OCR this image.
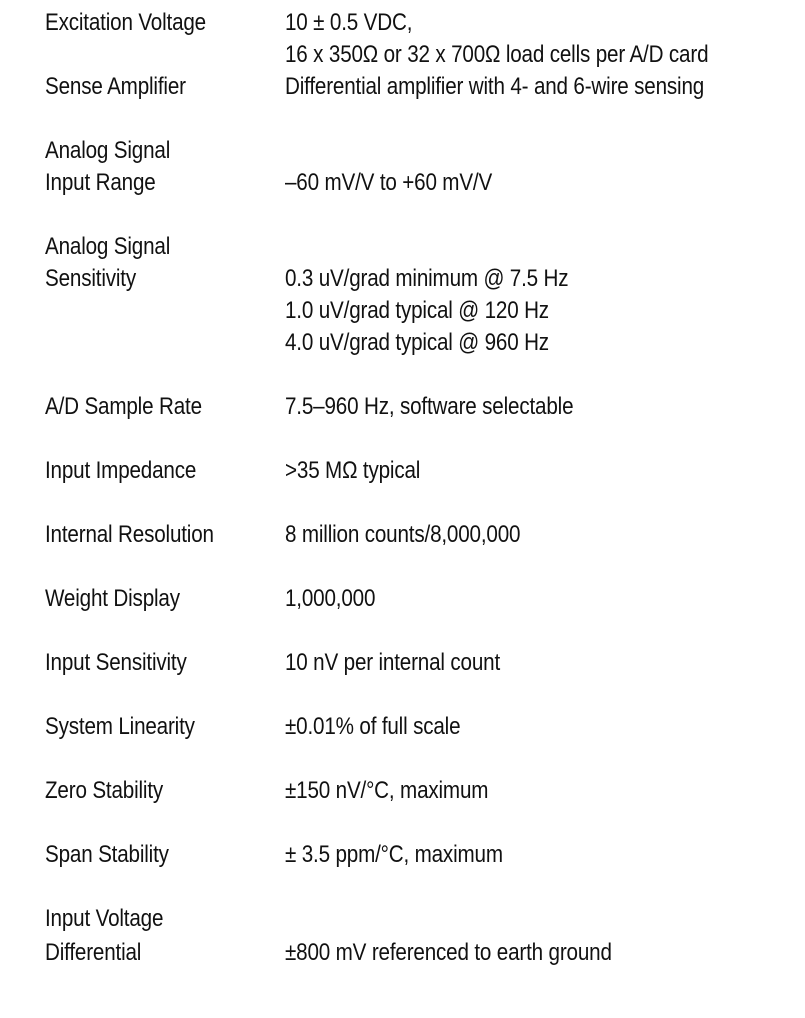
Excitation Voltage	10 ± 0.5 VDC,
16 x 350Ω or 32 x 700Ω load cells per A/D card
Sense Amplifier	Differential amplifier with 4- and 6-wire sensing
Analog Signal
Input Range	–60 mV/V to +60 mV/V
Analog Signal
Sensitivity	0.3 uV/grad minimum @ 7.5 Hz
1.0 uV/grad typical @ 120 Hz
4.0 uV/grad typical @ 960 Hz
A/D Sample Rate	7.5–960 Hz, software selectable
Input Impedance	>35 MΩ typical
Internal Resolution	8 million counts/8,000,000
Weight Display	1,000,000
Input Sensitivity	10 nV per internal count
System Linearity	±0.01% of full scale
Zero Stability	±150 nV/°C, maximum
Span Stability	± 3.5 ppm/°C, maximum
Input Voltage
Differential	±800 mV referenced to earth ground
